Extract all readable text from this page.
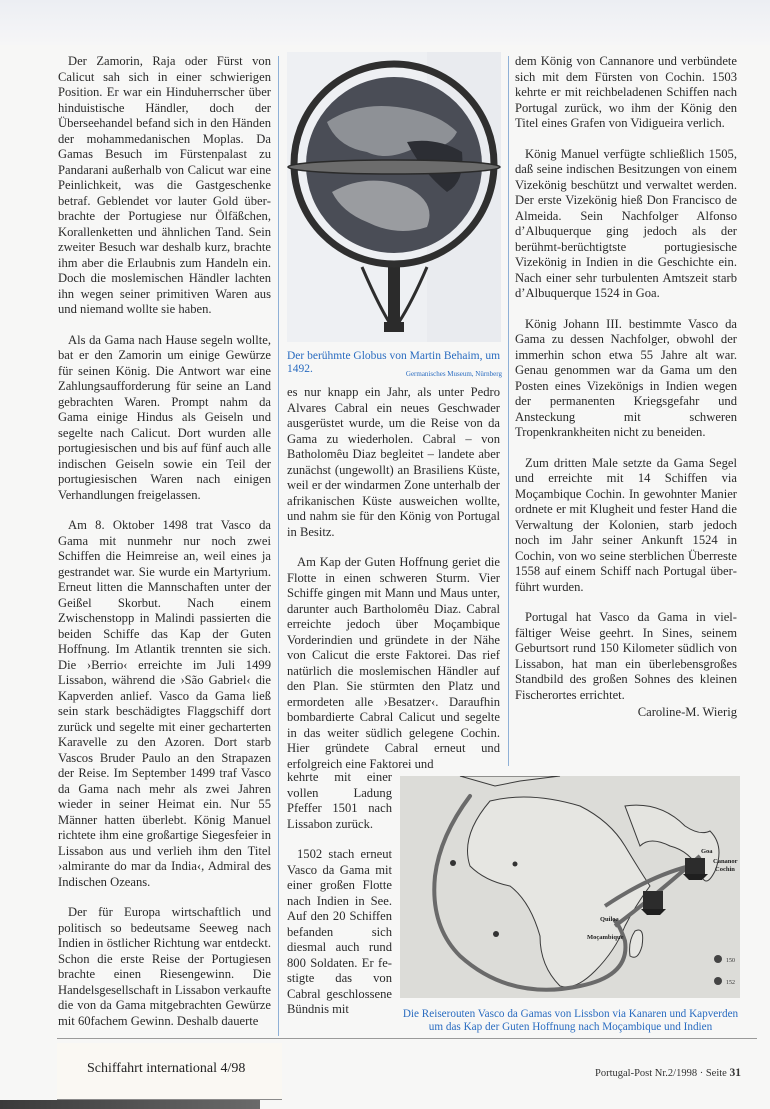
Der Zamorin, Raja oder Fürst von Calicut sah sich in einer schwierigen Position. Er war ein Hinduherrscher über hinduistische Händler, doch der Überseehandel befand sich in den Händen der mohammedanischen Moplas. Da Gamas Besuch im Fürstenpalast zu Pandarani außerhalb von Calicut war eine Peinlichkeit, was die Gastgeschenke betraf. Geblendet vor lauter Gold überbrachte der Portugiese nur Ölfäßchen, Korallenketten und ähnlichen Tand. Sein zweiter Besuch war deshalb kurz, brachte ihm aber die Erlaubnis zum Handeln ein. Doch die moslemischen Händler lachten ihn wegen seiner primitiven Waren aus und niemand wollte sie haben.

Als da Gama nach Hause segeln wollte, bat er den Zamorin um einige Gewürze für seinen König. Die Antwort war eine Zahlungsaufforderung für seine an Land gebrachten Waren. Prompt nahm da Gama einige Hindus als Geiseln und segelte nach Calicut. Dort wurden alle portugiesischen und bis auf fünf auch alle indischen Geiseln sowie ein Teil der portugiesischen Waren nach einigen Verhandlungen freigelassen.

Am 8. Oktober 1498 trat Vasco da Gama mit nunmehr nur noch zwei Schiffen die Heimreise an, weil eines ja gestrandet war. Sie wurde ein Martyrium. Erneut litten die Mannschaften unter der Geißel Skorbut. Nach einem Zwischenstopp in Malindi passierten die beiden Schiffe das Kap der Guten Hoffnung. Im Atlantik trennten sie sich. Die ›Berrio‹ erreichte im Juli 1499 Lissabon, während die ›São Gabriel‹ die Kapverden anlief. Vasco da Gama ließ sein stark beschädigtes Flaggschiff dort zurück und segelte mit einer gecharterten Karavelle zu den Azoren. Dort starb Vascos Bruder Paulo an den Strapazen der Reise. Im September 1499 traf Vasco da Gama nach mehr als zwei Jahren wieder in seiner Heimat ein. Nur 55 Männer hatten überlebt. König Manuel richtete ihm eine großartige Siegesfeier in Lissabon aus und verlieh ihm den Titel ›almirante do mar da India‹, Admiral des Indischen Ozeans.

Der für Europa wirtschaftlich und politisch so bedeutsame Seeweg nach Indien in östlicher Richtung war entdeckt. Schon die erste Reise der Portugiesen brachte einen Riesengewinn. Die Handelsgesellschaft in Lissabon verkaufte die von da Gama mitgebrachten Gewürze mit 60fachem Gewinn. Deshalb dauerte

Der berühmte Globus von Martin Behaim, um 1492.	Germanisches Museum, Nürnberg

es nur knapp ein Jahr, als unter Pedro Alvares Cabral ein neues Geschwader ausgerüstet wurde, um die Reise von da Gama zu wiederholen. Cabral – von Batholomêu Diaz begleitet – landete aber zunächst (ungewollt) an Brasiliens Küste, weil er der windarmen Zone unterhalb der afrikanischen Küste ausweichen wollte, und nahm sie für den König von Portugal in Besitz.

Am Kap der Guten Hoffnung geriet die Flotte in einen schweren Sturm. Vier Schiffe gingen mit Mann und Maus unter, darunter auch Bartholomêu Diaz. Cabral erreichte jedoch über Moçambique Vorderindien und gründete in der Nähe von Calicut die erste Faktorei. Das rief natürlich die moslemischen Händler auf den Plan. Sie stürmten den Platz und ermordeten alle ›Besatzer‹. Daraufhin bombardierte Cabral Calicut und segelte in das weiter südlich gelegene Cochin. Hier gründete Cabral erneut und erfolgreich eine Faktorei und

kehrte mit einer vollen Ladung Pfeffer 1501 nach Lissabon zurück.

1502 stach erneut Vasco da Gama mit einer großen Flotte nach Indien in See. Auf den 20 Schiffen befanden sich diesmal auch rund 800 Soldaten. Er festigte das von Cabral geschlossene Bündnis mit

dem König von Cannanore und verbündete sich mit dem Fürsten von Cochin. 1503 kehrte er mit reichbeladenen Schiffen nach Portugal zurück, wo ihm der König den Titel eines Grafen von Vidigueira verlich.

König Manuel verfügte schließlich 1505, daß seine indischen Besitzungen von einem Vizekönig beschützt und verwaltet werden. Der erste Vizekönig hieß Don Francisco de Almeida. Sein Nachfolger Alfonso d’Albuquerque ging jedoch als der berühmt-berüchtigtste portugiesische Vizekönig in Indien in die Geschichte ein. Nach einer sehr turbulenten Amtszeit starb d’Albuquerque 1524 in Goa.

König Johann III. bestimmte Vasco da Gama zu dessen Nachfolger, obwohl der immerhin schon etwa 55 Jahre alt war. Genau genommen war da Gama um den Posten eines Vizekönigs in Indien wegen der permanenten Kriegsgefahr und Ansteckung mit schweren Tropenkrankheiten nicht zu beneiden.

Zum dritten Male setzte da Gama Segel und erreichte mit 14 Schiffen via Moçambique Cochin. In gewohnter Manier ordnete er mit Klugheit und fester Hand die Verwaltung der Kolonien, starb jedoch noch im Jahr seiner Ankunft 1524 in Cochin, von wo seine sterblichen Überreste 1558 auf einem Schiff nach Portugal überführt wurden.

Portugal hat Vasco da Gama in vielfältiger Weise geehrt. In Sines, seinem Geburtsort rund 150 Kilometer südlich von Lissabon, hat man ein überlebensgroßes Standbild des großen Sohnes des kleinen Fischerortes errichtet.

Caroline-M. Wierig
150
152
Goa
Cananor
Cochin
Quiloa
Moçambique
Die Reiserouten Vasco da Gamas von Lissbon via Kanaren und Kapverden um das Kap der Guten Hoffnung nach Moçambique und Indien
Schiffahrt international 4/98	Portugal-Post Nr.2/1998 · Seite 31
